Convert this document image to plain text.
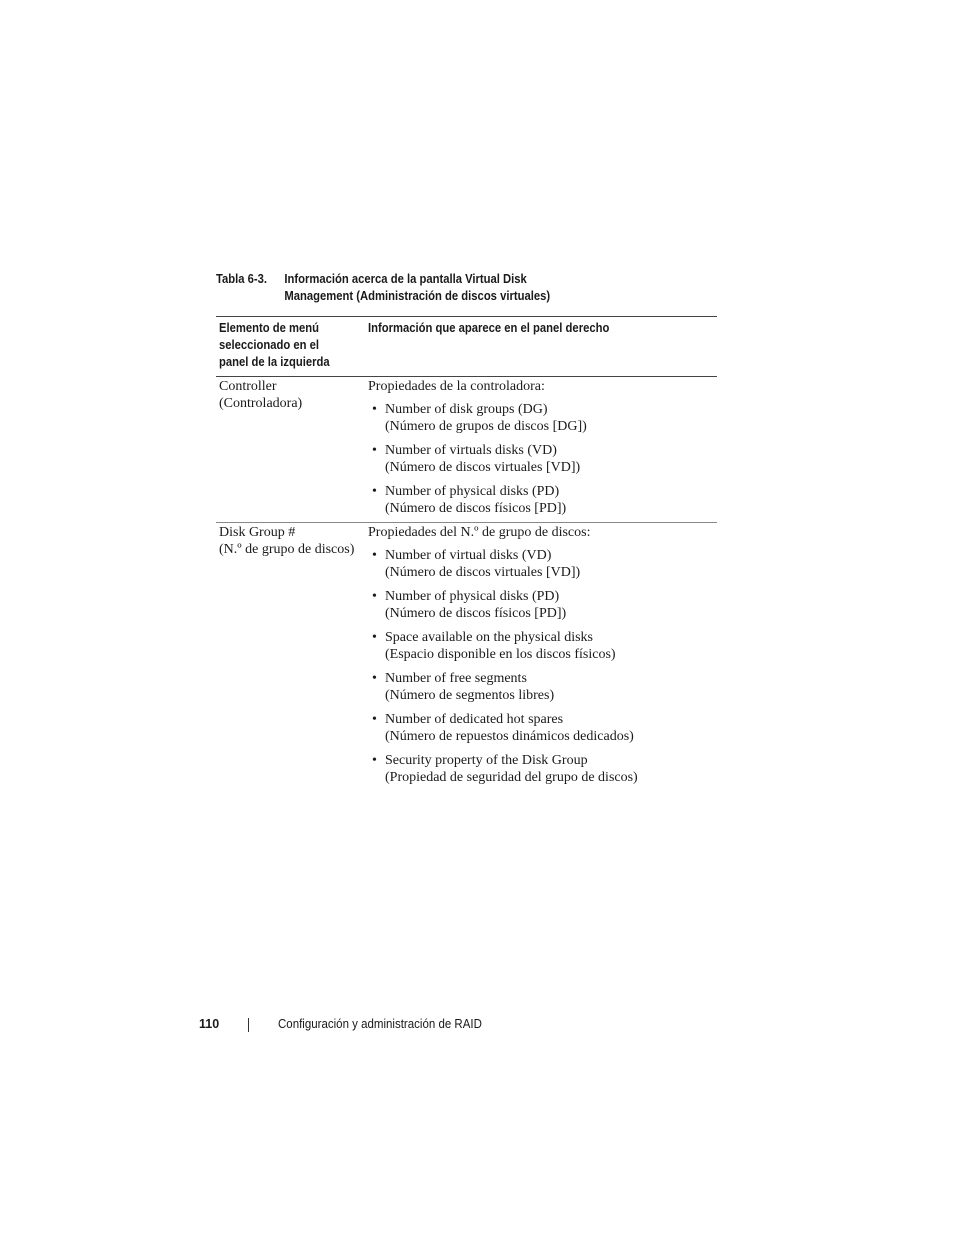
Tabla 6-3. Información acerca de la pantalla Virtual Disk
Management (Administración de discos virtuales)
Elemento de menú
seleccionado en el
panel de la izquierda
Información que aparece en el panel derecho
Controller
(Controladora)
Propiedades de la controladora:
• Number of disk groups (DG)
(Número de grupos de discos [DG])
• Number of virtuals disks (VD)
(Número de discos virtuales [VD])
• Number of physical disks (PD)
(Número de discos físicos [PD])
Disk Group #
(N.º de grupo de discos)
Propiedades del N.º de grupo de discos:
• Number of virtual disks (VD)
(Número de discos virtuales [VD])
• Number of physical disks (PD)
(Número de discos físicos [PD])
• Space available on the physical disks
(Espacio disponible en los discos físicos)
• Number of free segments
(Número de segmentos libres)
• Number of dedicated hot spares
(Número de repuestos dinámicos dedicados)
• Security property of the Disk Group
(Propiedad de seguridad del grupo de discos)
110	Configuración y administración de RAID
